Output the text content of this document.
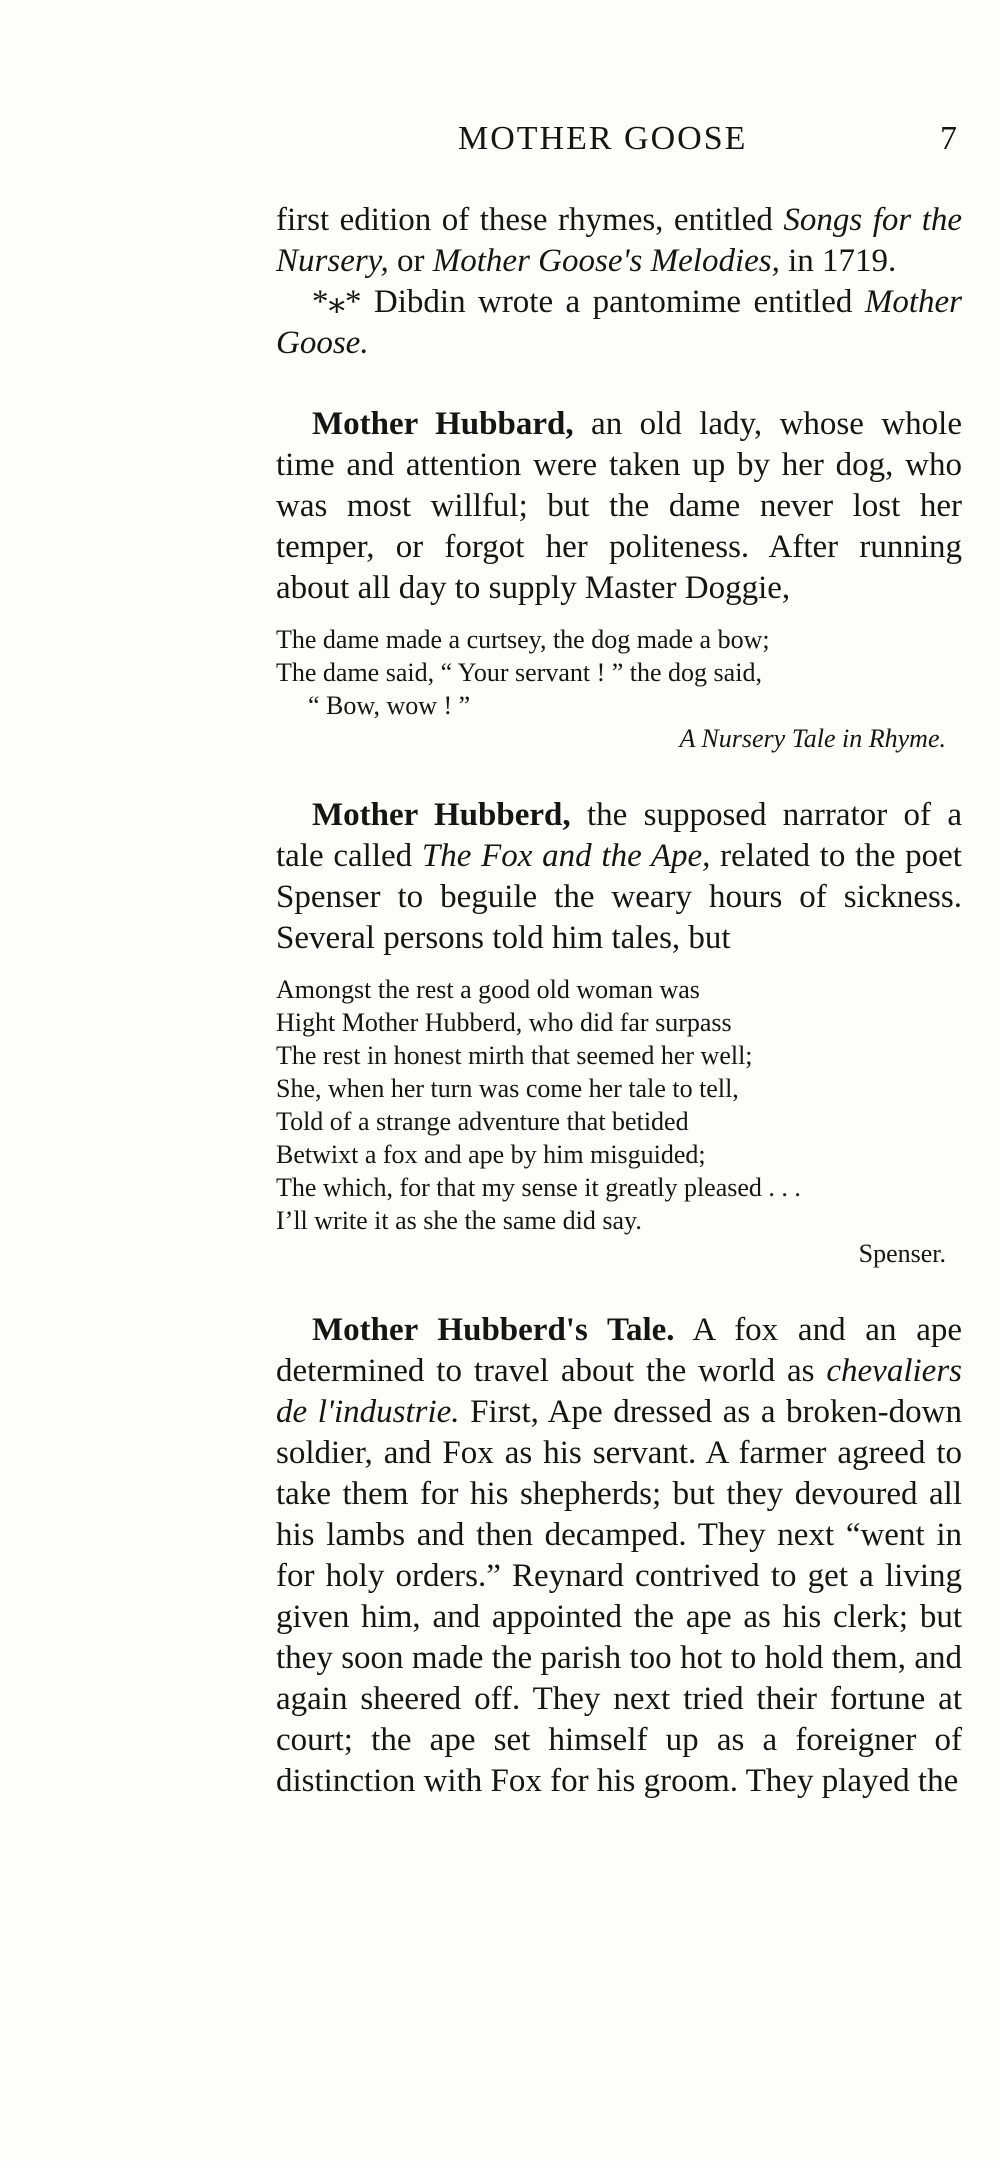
MOTHER GOOSE	7

first edition of these rhymes, entitled Songs for the Nursery, or Mother Goose's Melodies, in 1719.

*⁎* Dibdin wrote a pantomime entitled Mother Goose.

Mother Hubbard, an old lady, whose whole time and attention were taken up by her dog, who was most willful; but the dame never lost her temper, or forgot her politeness. After running about all day to supply Master Doggie,

The dame made a curtsey, the dog made a bow;
The dame said, “ Your servant ! ” the dog said,
“ Bow, wow ! ”
A Nursery Tale in Rhyme.

Mother Hubberd, the supposed narrator of a tale called The Fox and the Ape, related to the poet Spenser to beguile the weary hours of sickness. Several persons told him tales, but

Amongst the rest a good old woman was
Hight Mother Hubberd, who did far surpass
The rest in honest mirth that seemed her well;
She, when her turn was come her tale to tell,
Told of a strange adventure that betided
Betwixt a fox and ape by him misguided;
The which, for that my sense it greatly pleased . . .
I’ll write it as she the same did say.
Spenser.

Mother Hubberd's Tale. A fox and an ape determined to travel about the world as chevaliers de l'industrie. First, Ape dressed as a broken-down soldier, and Fox as his servant. A farmer agreed to take them for his shepherds; but they devoured all his lambs and then decamped. They next “went in for holy orders.” Reynard contrived to get a living given him, and appointed the ape as his clerk; but they soon made the parish too hot to hold them, and again sheered off. They next tried their fortune at court; the ape set himself up as a foreigner of distinction with Fox for his groom. They played the
